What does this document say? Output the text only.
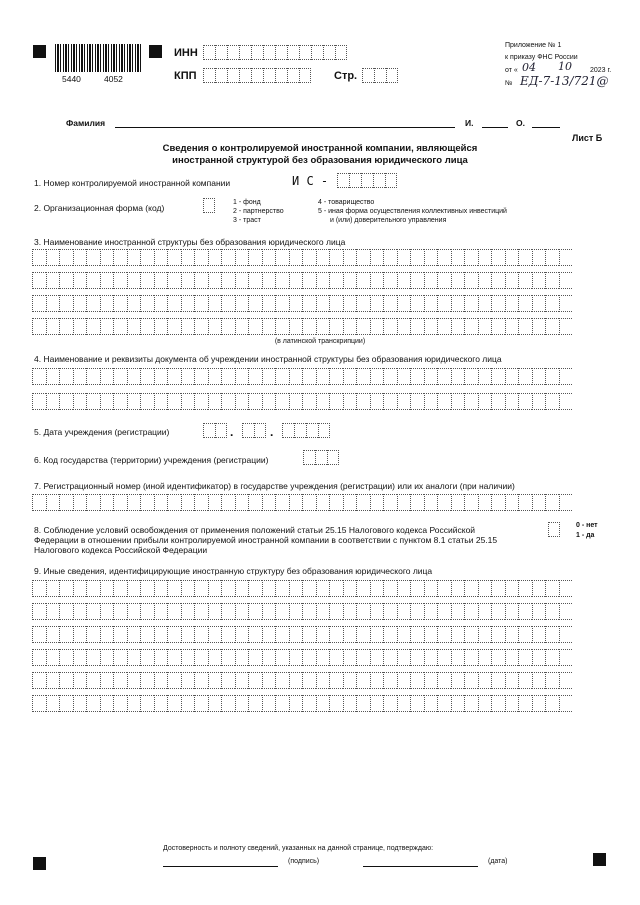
5440	4052
ИНН
КПП	Стр.
Приложение № 1
к приказу ФНС России
от « 04 10	2023 г.
№ ЕД-7-13/721@
Фамилия	И.	О.
Лист Б
Сведения о контролируемой иностранной компании, являющейся
иностранной структурой без образования юридического лица
1. Номер контролируемой иностранной компании	И С -
2. Организационная форма (код)
1 - фонд
2 - партнерство
3 - траст
4 - товарищество
5 - иная форма осуществления коллективных инвестиций
и (или) доверительного управления
3. Наименование иностранной структуры без образования юридического лица
(в латинской транскрипции)
4. Наименование и реквизиты документа об учреждении иностранной структуры без образования юридического лица
5. Дата учреждения (регистрации)	.	.
6. Код государства (территории) учреждения (регистрации)
7. Регистрационный номер (иной идентификатор) в государстве учреждения (регистрации) или их аналоги (при наличии)
8. Соблюдение условий освобождения от применения положений статьи 25.15 Налогового кодекса Российской
Федерации в отношении прибыли контролируемой иностранной компании в соответствии с пунктом 8.1 статьи 25.15
Налогового кодекса Российской Федерации
0 - нет
1 - да
9. Иные сведения, идентифицирующие иностранную структуру без образования юридического лица
Достоверность и полноту сведений, указанных на данной странице, подтверждаю:
(подпись)	(дата)
